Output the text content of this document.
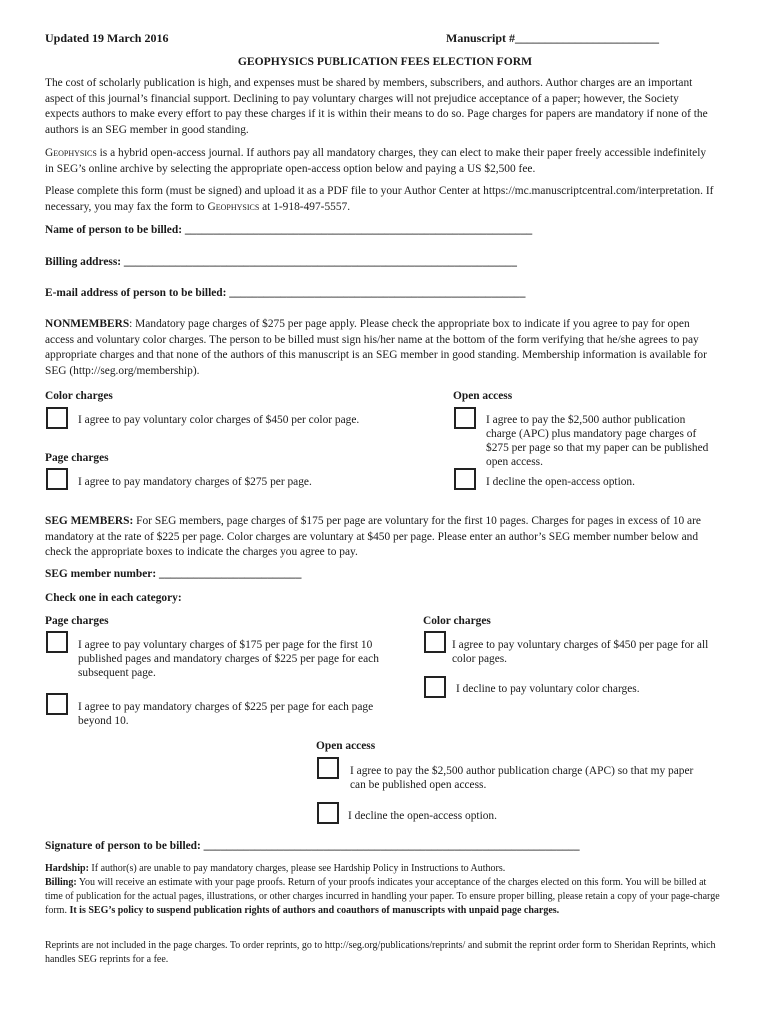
Updated 19 March 2016	Manuscript #________________________
GEOPHYSICS PUBLICATION FEES ELECTION FORM

The cost of scholarly publication is high, and expenses must be shared by members, subscribers, and authors. Author charges are an important aspect of this journal’s financial support. Declining to pay voluntary charges will not prejudice acceptance of a paper; however, the Society expects authors to make every effort to pay these charges if it is within their means to do so. Page charges for papers are mandatory if none of the authors is an SEG member in good standing.

Geophysics is a hybrid open-access journal. If authors pay all mandatory charges, they can elect to make their paper freely accessible indefinitely in SEG’s online archive by selecting the appropriate open-access option below and paying a US $2,500 fee.

Please complete this form (must be signed) and upload it as a PDF file to your Author Center at https://mc.manuscriptcentral.com/interpretation. If necessary, you may fax the form to Geophysics at 1-918-497-5557.

Name of person to be billed: _____________________________________________________________
Billing address: _____________________________________________________________________
E-mail address of person to be billed: ____________________________________________________

NONMEMBERS: Mandatory page charges of $275 per page apply. Please check the appropriate box to indicate if you agree to pay for open access and voluntary color charges. The person to be billed must sign his/her name at the bottom of the form verifying that he/she agrees to pay appropriate charges and that none of the authors of this manuscript is an SEG member in good standing. Membership information is available for SEG (http://seg.org/membership).

Color charges
I agree to pay voluntary color charges of $450 per color page.
Page charges
I agree to pay mandatory charges of $275 per page.
Open access
I agree to pay the $2,500 author publication charge (APC) plus mandatory page charges of $275 per page so that my paper can be published open access.
I decline the open-access option.

SEG MEMBERS: For SEG members, page charges of $175 per page are voluntary for the first 10 pages. Charges for pages in excess of 10 are mandatory at the rate of $225 per page. Color charges are voluntary at $450 per page. Please enter an author’s SEG member number below and check the appropriate boxes to indicate the charges you agree to pay.

SEG member number: _________________________
Check one in each category:
Page charges
I agree to pay voluntary charges of $175 per page for the first 10 published pages and mandatory charges of $225 per page for each subsequent page.
I agree to pay mandatory charges of $225 per page for each page beyond 10.
Color charges
I agree to pay voluntary charges of $450 per page for all color pages.
I decline to pay voluntary color charges.
Open access
I agree to pay the $2,500 author publication charge (APC) so that my paper can be published open access.
I decline the open-access option.
Signature of person to be billed: __________________________________________________________________

Hardship: If author(s) are unable to pay mandatory charges, please see Hardship Policy in Instructions to Authors.

Billing: You will receive an estimate with your page proofs. Return of your proofs indicates your acceptance of the charges elected on this form. You will be billed at time of publication for the actual pages, illustrations, or other charges incurred in handling your paper. To ensure proper billing, please retain a copy of your page-charge form. It is SEG’s policy to suspend publication rights of authors and coauthors of manuscripts with unpaid page charges.

Reprints are not included in the page charges. To order reprints, go to http://seg.org/publications/reprints/ and submit the reprint order form to Sheridan Reprints, which handles SEG reprints for a fee.
